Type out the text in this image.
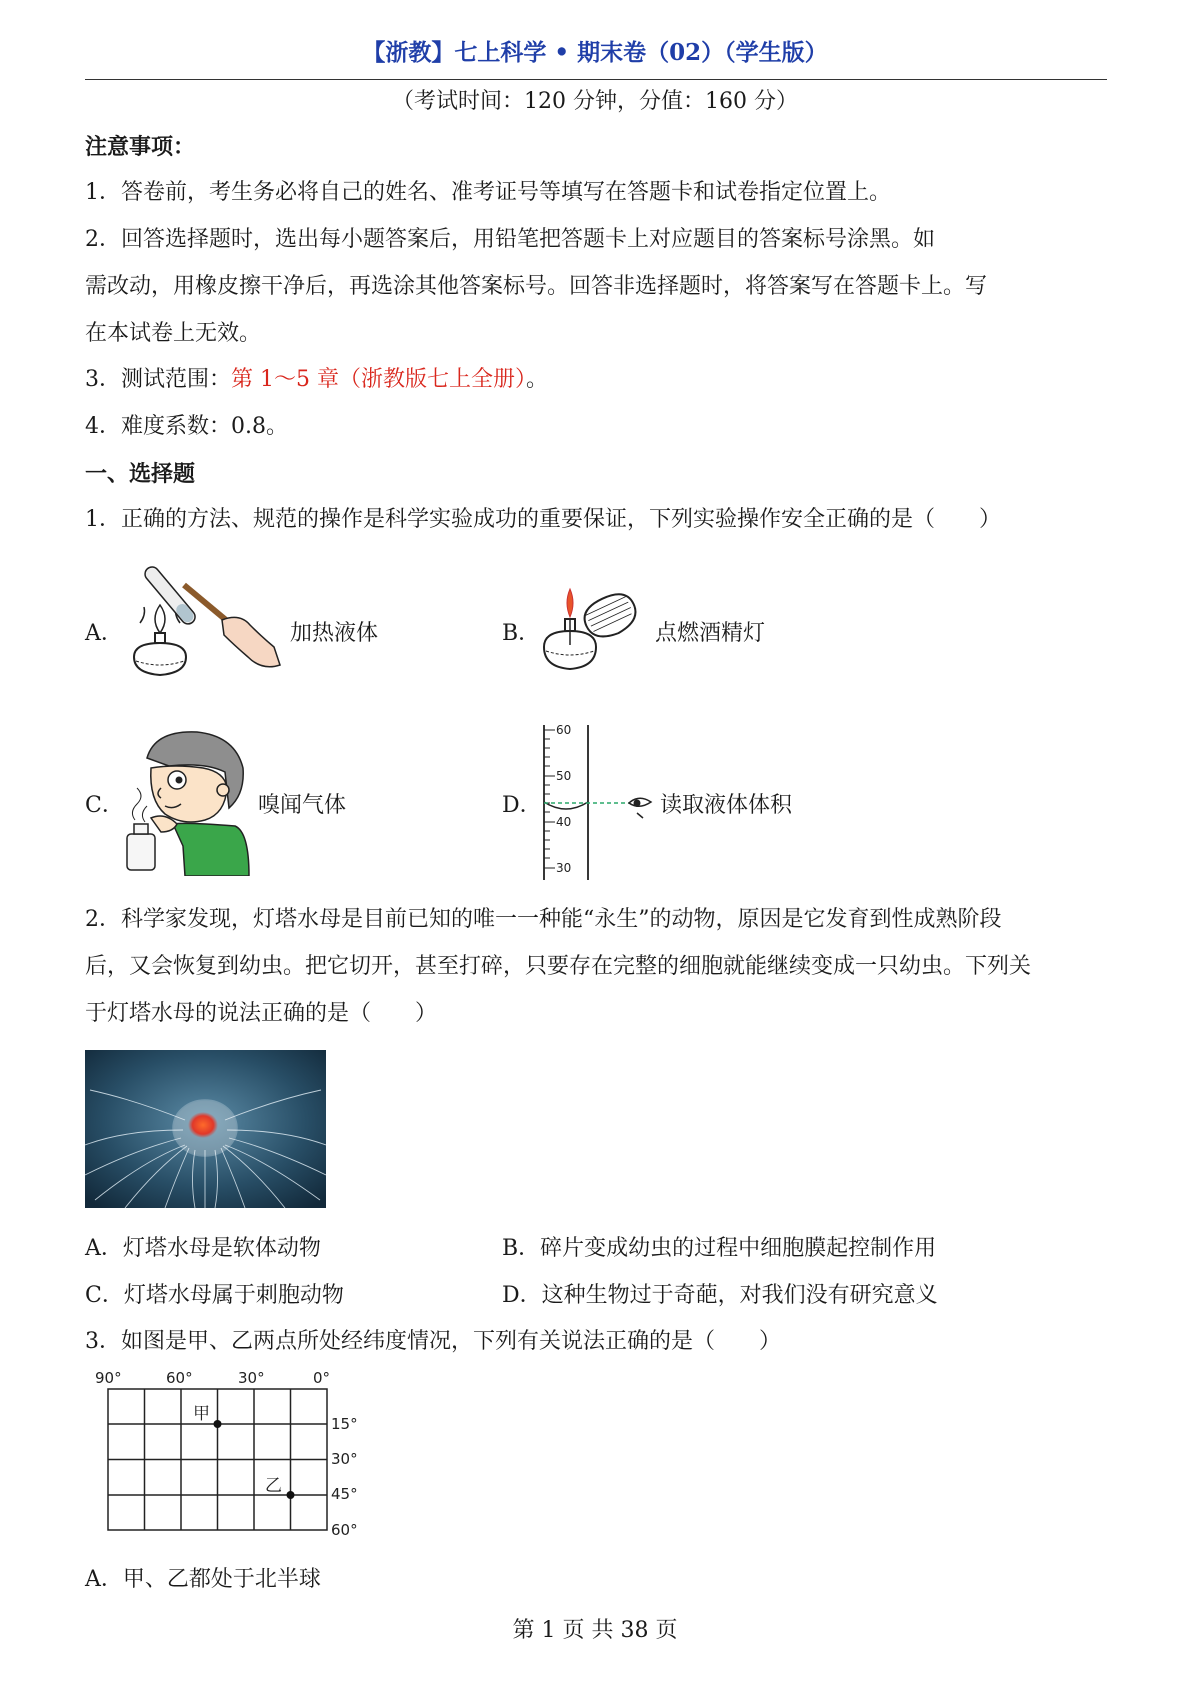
【浙教】七上科学 • 期末卷（02）（学生版）
（考试时间：120 分钟，分值：160 分）
注意事项：
1．答卷前，考生务必将自己的姓名、准考证号等填写在答题卡和试卷指定位置上。
2．回答选择题时，选出每小题答案后，用铅笔把答题卡上对应题目的答案标号涂黑。如
需改动，用橡皮擦干净后，再选涂其他答案标号。回答非选择题时，将答案写在答题卡上。写
在本试卷上无效。
3．测试范围：第 1～5 章（浙教版七上全册）。
4．难度系数：0.8。
一、选择题
1．正确的方法、规范的操作是科学实验成功的重要保证，下列实验操作安全正确的是（　　）
A．	加热液体	B．	点燃酒精灯
C．	嗅闻气体	D．
60
50
40
30
读取液体体积
2．科学家发现，灯塔水母是目前已知的唯一一种能“永生”的动物，原因是它发育到性成熟阶段
后，又会恢复到幼虫。把它切开，甚至打碎，只要存在完整的细胞就能继续变成一只幼虫。下列关
于灯塔水母的说法正确的是（　　）
A．灯塔水母是软体动物	B．碎片变成幼虫的过程中细胞膜起控制作用
C．灯塔水母属于刺胞动物	D．这种生物过于奇葩，对我们没有研究意义
3．如图是甲、乙两点所处经纬度情况，下列有关说法正确的是（　　）
90°	60°	30°	0°
15°
30°
45°
60°
甲
乙
A．甲、乙都处于北半球
第 1 页 共 38 页
